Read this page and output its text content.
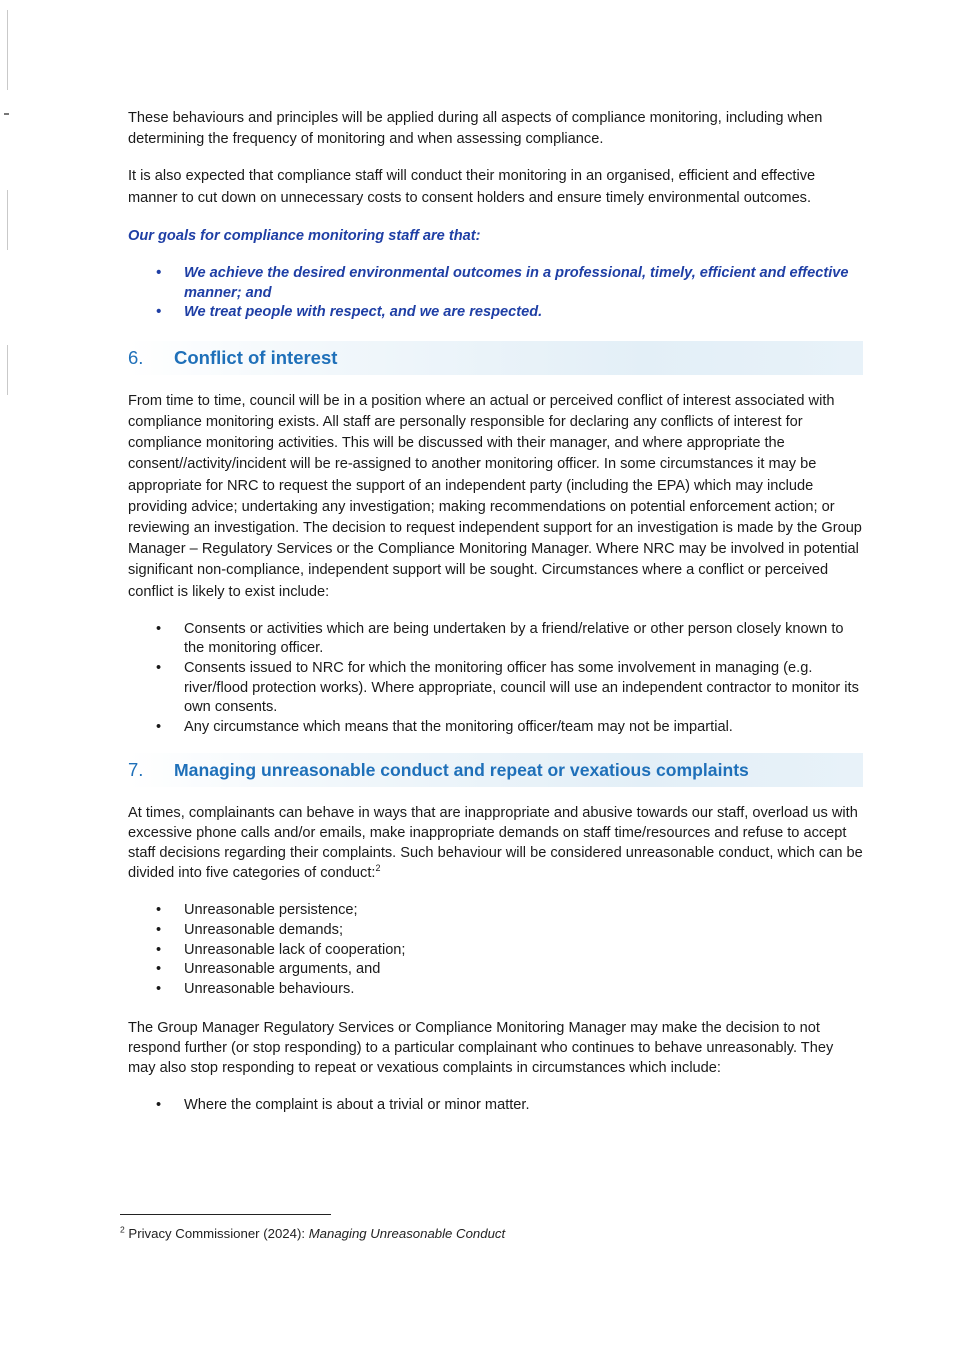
These behaviours and principles will be applied during all aspects of compliance monitoring, including when determining the frequency of monitoring and when assessing compliance.

It is also expected that compliance staff will conduct their monitoring in an organised, efficient and effective manner to cut down on unnecessary costs to consent holders and ensure timely environmental outcomes.

Our goals for compliance monitoring staff are that:

• We achieve the desired environmental outcomes in a professional, timely, efficient and effective manner; and
• We treat people with respect, and we are respected.
6.	Conflict of interest

From time to time, council will be in a position where an actual or perceived conflict of interest associated with compliance monitoring exists. All staff are personally responsible for declaring any conflicts of interest for compliance monitoring activities. This will be discussed with their manager, and where appropriate the consent//activity/incident will be re-assigned to another monitoring officer. In some circumstances it may be appropriate for NRC to request the support of an independent party (including the EPA) which may include providing advice; undertaking any investigation; making recommendations on potential enforcement action; or reviewing an investigation. The decision to request independent support for an investigation is made by the Group Manager – Regulatory Services or the Compliance Monitoring Manager. Where NRC may be involved in potential significant non-compliance, independent support will be sought. Circumstances where a conflict or perceived conflict is likely to exist include:

• Consents or activities which are being undertaken by a friend/relative or other person closely known to the monitoring officer.
• Consents issued to NRC for which the monitoring officer has some involvement in managing (e.g. river/flood protection works). Where appropriate, council will use an independent contractor to monitor its own consents.
• Any circumstance which means that the monitoring officer/team may not be impartial.
7.	Managing unreasonable conduct and repeat or vexatious complaints

At times, complainants can behave in ways that are inappropriate and abusive towards our staff, overload us with excessive phone calls and/or emails, make inappropriate demands on staff time/resources and refuse to accept staff decisions regarding their complaints. Such behaviour will be considered unreasonable conduct, which can be divided into five categories of conduct:$^2$

• Unreasonable persistence;
• Unreasonable demands;
• Unreasonable lack of cooperation;
• Unreasonable arguments, and
• Unreasonable behaviours.

The Group Manager Regulatory Services or Compliance Monitoring Manager may make the decision to not respond further (or stop responding) to a particular complainant who continues to behave unreasonably. They may also stop responding to repeat or vexatious complaints in circumstances which include:

• Where the complaint is about a trivial or minor matter.
$^2$ Privacy Commissioner (2024): Managing Unreasonable Conduct
